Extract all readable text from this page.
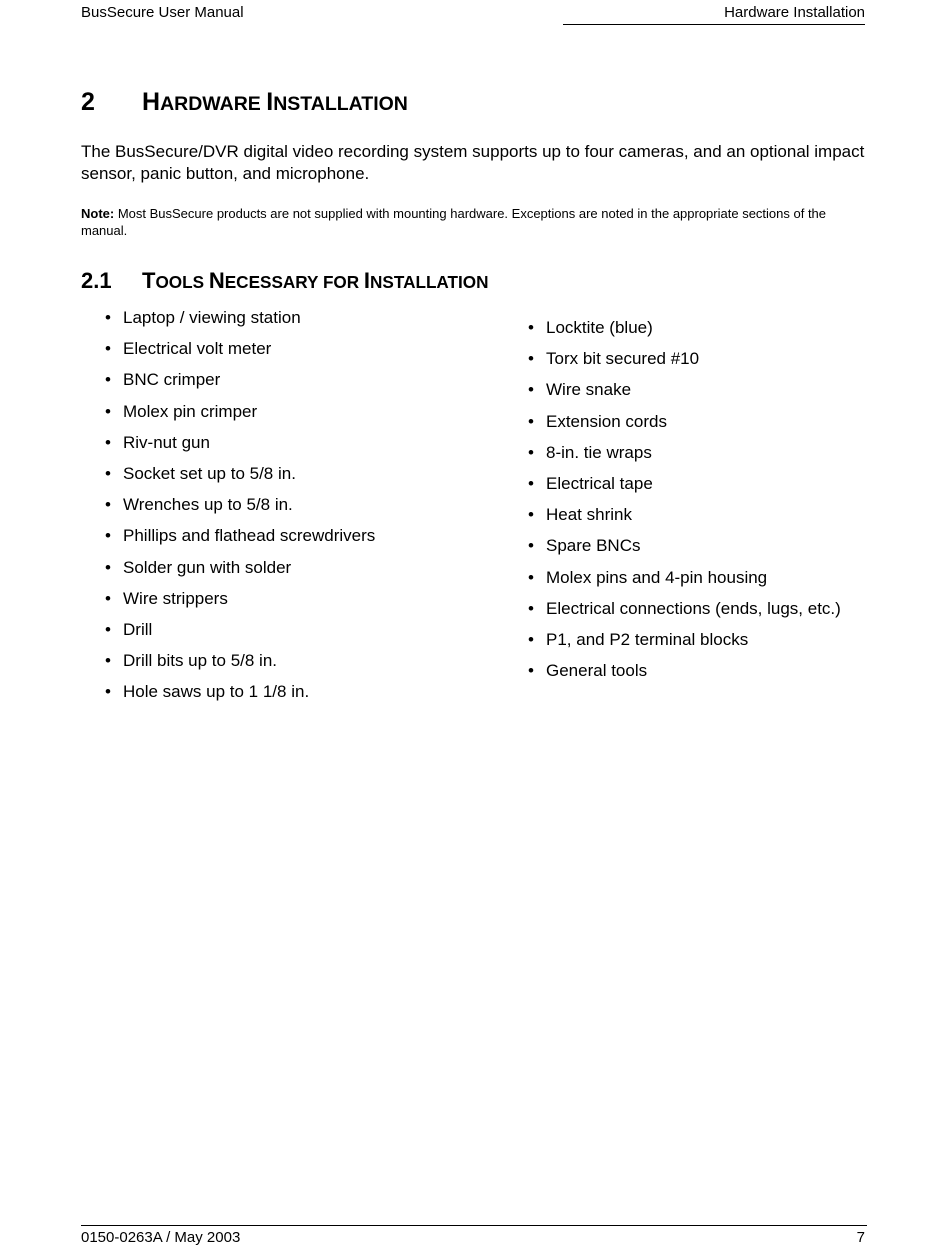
BusSecure User Manual	Hardware Installation
2 HARDWARE INSTALLATION

The BusSecure/DVR digital video recording system supports up to four cameras, and an optional impact sensor, panic button, and microphone.

Note: Most BusSecure products are not supplied with mounting hardware. Exceptions are noted in the appropriate sections of the manual.

2.1 TOOLS NECESSARY FOR INSTALLATION
• Laptop / viewing station
• Electrical volt meter
• BNC crimper
• Molex pin crimper
• Riv-nut gun
• Socket set up to 5/8 in.
• Wrenches up to 5/8 in.
• Phillips and flathead screwdrivers
• Solder gun with solder
• Wire strippers
• Drill
• Drill bits up to 5/8 in.
• Hole saws up to 1 1/8 in.
• Locktite (blue)
• Torx bit secured #10
• Wire snake
• Extension cords
• 8-in. tie wraps
• Electrical tape
• Heat shrink
• Spare BNCs
• Molex pins and 4-pin housing
• Electrical connections (ends, lugs, etc.)
• P1, and P2 terminal blocks
• General tools
0150-0263A / May 2003	7
